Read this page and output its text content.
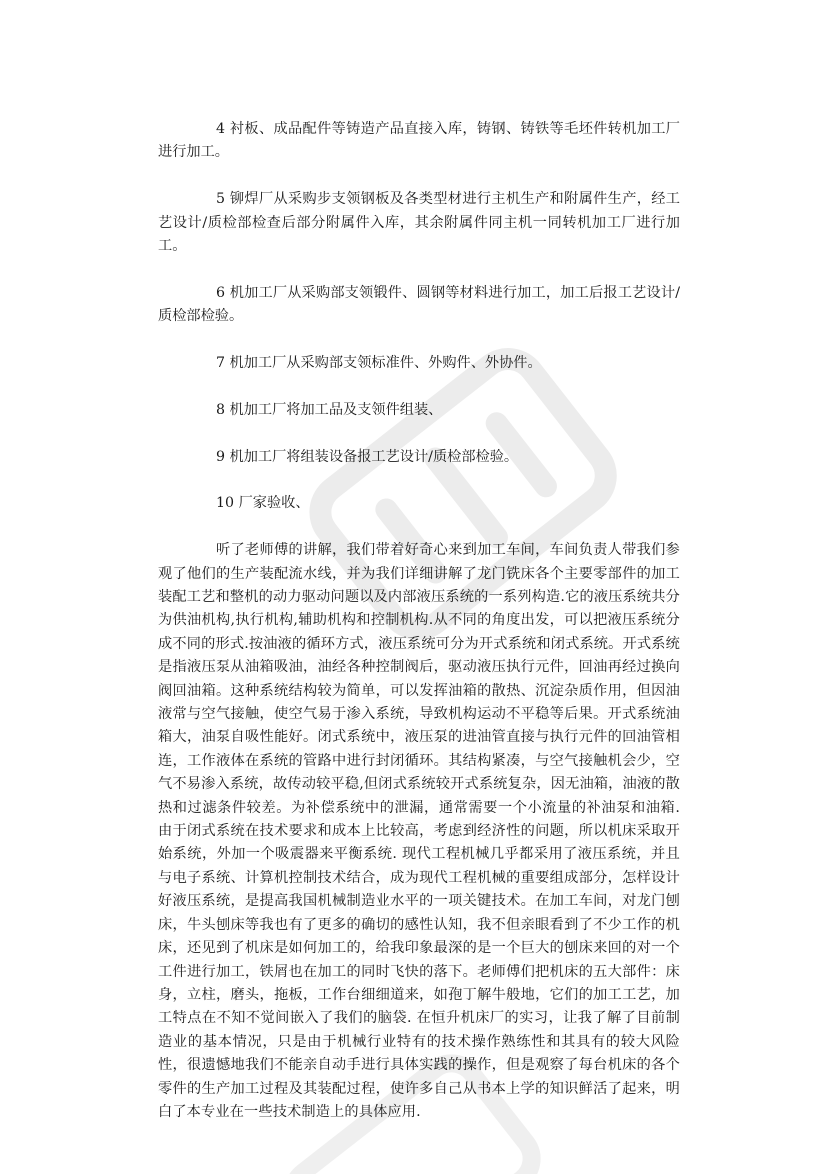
4 衬板、成品配件等铸造产品直接入库，铸钢、铸铁等毛坯件转机加工厂进行加工。

5 铆焊厂从采购步支领钢板及各类型材进行主机生产和附属件生产，经工艺设计/质检部检查后部分附属件入库，其余附属件同主机一同转机加工厂进行加工。

6 机加工厂从采购部支领锻件、圆钢等材料进行加工，加工后报工艺设计/质检部检验。

7 机加工厂从采购部支领标准件、外购件、外协件。

8 机加工厂将加工品及支领件组装、

9 机加工厂将组装设备报工艺设计/质检部检验。

10 厂家验收、

听了老师傅的讲解，我们带着好奇心来到加工车间，车间负责人带我们参观了他们的生产装配流水线，并为我们详细讲解了龙门铣床各个主要零部件的加工装配工艺和整机的动力驱动问题以及内部液压系统的一系列构造.它的液压系统共分为供油机构,执行机构,辅助机构和控制机构.从不同的角度出发，可以把液压系统分成不同的形式.按油液的循环方式，液压系统可分为开式系统和闭式系统。开式系统是指液压泵从油箱吸油，油经各种控制阀后，驱动液压执行元件，回油再经过换向阀回油箱。这种系统结构较为简单，可以发挥油箱的散热、沉淀杂质作用，但因油液常与空气接触，使空气易于渗入系统，导致机构运动不平稳等后果。开式系统油箱大，油泵自吸性能好。闭式系统中，液压泵的进油管直接与执行元件的回油管相连，工作液体在系统的管路中进行封闭循环。其结构紧凑，与空气接触机会少，空气不易渗入系统，故传动较平稳,但闭式系统较开式系统复杂，因无油箱，油液的散热和过滤条件较差。为补偿系统中的泄漏，通常需要一个小流量的补油泵和油箱. 由于闭式系统在技术要求和成本上比较高，考虑到经济性的问题，所以机床采取开始系统，外加一个吸震器来平衡系统. 现代工程机械几乎都采用了液压系统，并且与电子系统、计算机控制技术结合，成为现代工程机械的重要组成部分，怎样设计好液压系统，是提高我国机械制造业水平的一项关键技术。在加工车间，对龙门刨床，牛头刨床等我也有了更多的确切的感性认知，我不但亲眼看到了不少工作的机床，还见到了机床是如何加工的，给我印象最深的是一个巨大的刨床来回的对一个工件进行加工，铁屑也在加工的同时飞快的落下。老师傅们把机床的五大部件：床身，立柱，磨头，拖板，工作台细细道来，如孢丁解牛般地，它们的加工工艺，加工特点在不知不觉间嵌入了我们的脑袋. 在恒升机床厂的实习，让我了解了目前制造业的基本情况，只是由于机械行业特有的技术操作熟练性和其具有的较大风险性，很遗憾地我们不能亲自动手进行具体实践的操作，但是观察了每台机床的各个零件的生产加工过程及其装配过程，使许多自己从书本上学的知识鲜活了起来，明白了本专业在一些技术制造上的具体应用.
